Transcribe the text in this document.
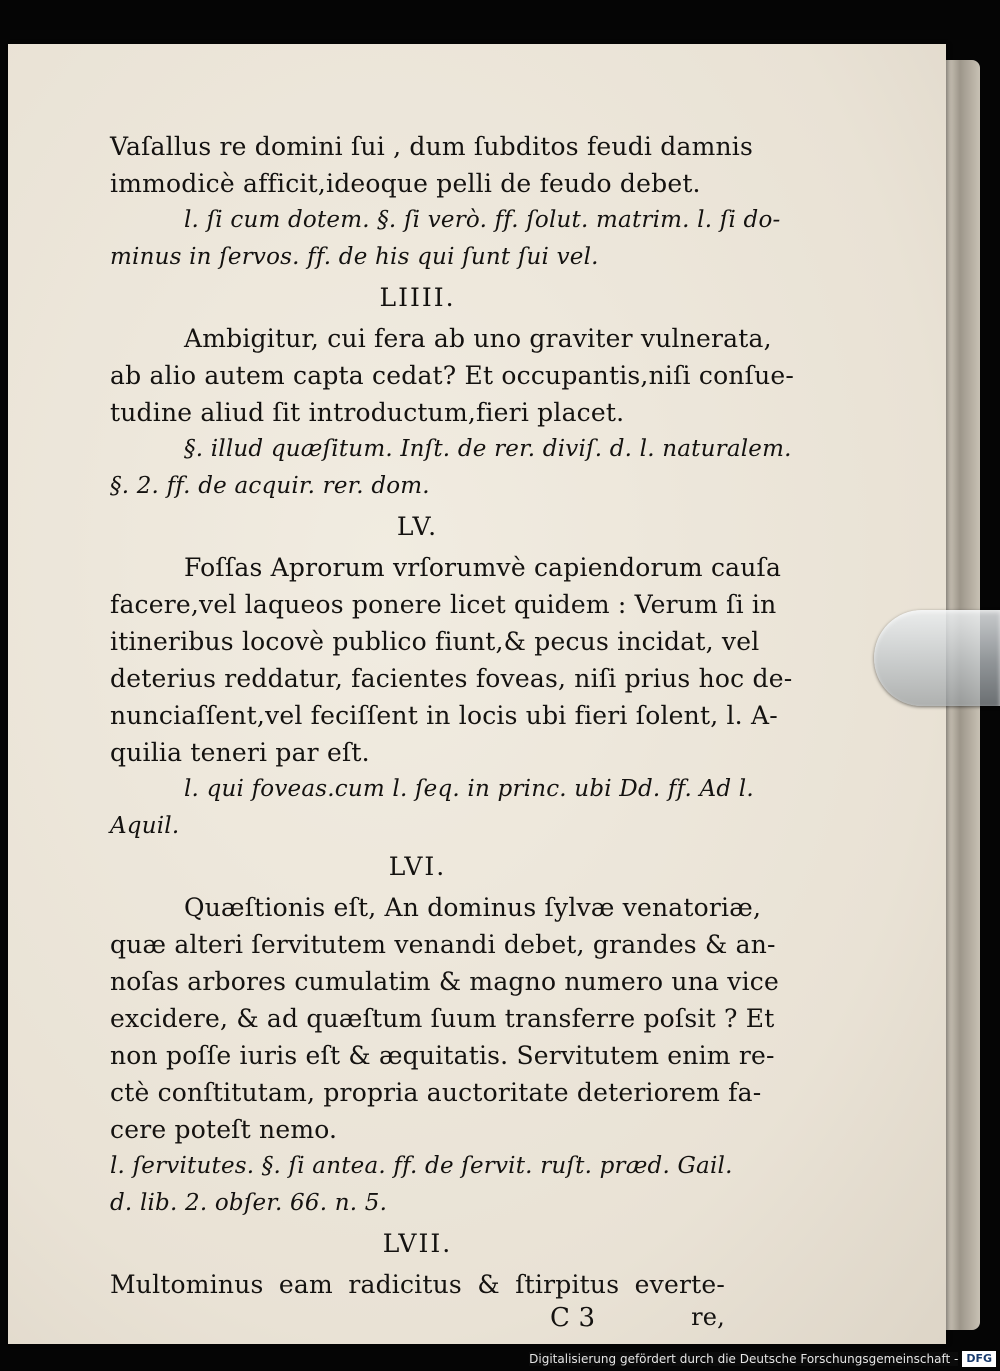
Vaſallus re domini ſui , dum ſubditos feudi damnis
immodicè afficit,ideoque pelli de feudo debet.
l. ſi cum dotem. §. ſi verò. ff. ſolut. matrim. l. ſi do-
minus in ſervos. ff. de his qui ſunt ſui vel.
LIIII.
Ambigitur, cui fera ab uno graviter vulnerata,
ab alio autem capta cedat? Et occupantis,niſi conſue-
tudine aliud ſit introductum,fieri placet.
§. illud quæſitum. Inſt. de rer. diviſ. d. l. naturalem.
§. 2. ff. de acquir. rer. dom.
LV.
Foſſas Aprorum vrſorumvè capiendorum cauſa
facere,vel laqueos ponere licet quidem : Verum ſi in
itineribus locovè publico fiunt,& pecus incidat, vel
deterius reddatur, facientes foveas, niſi prius hoc de-
nunciaſſent,vel feciſſent in locis ubi fieri ſolent, l. A-
quilia teneri par eſt.
l. qui foveas.cum l. ſeq. in princ. ubi Dd. ff. Ad l.
Aquil.
LVI.
Quæſtionis eſt, An dominus ſylvæ venatoriæ,
quæ alteri ſervitutem venandi debet, grandes & an-
noſas arbores cumulatim & magno numero una vice
excidere, & ad quæſtum ſuum transferre poſsit ? Et
non poſſe iuris eſt & æquitatis. Servitutem enim re-
ctè conſtitutam, propria auctoritate deteriorem fa-
cere poteſt nemo.
l. ſervitutes. §. ſi antea. ff. de ſervit. ruſt. præd. Gail.
d. lib. 2. obſer. 66. n. 5.
LVII.
Multominus eam radicitus & ſtirpitus everte-
C 3	re,
Digitalisierung gefördert durch die Deutsche Forschungsgemeinschaft - DFG
